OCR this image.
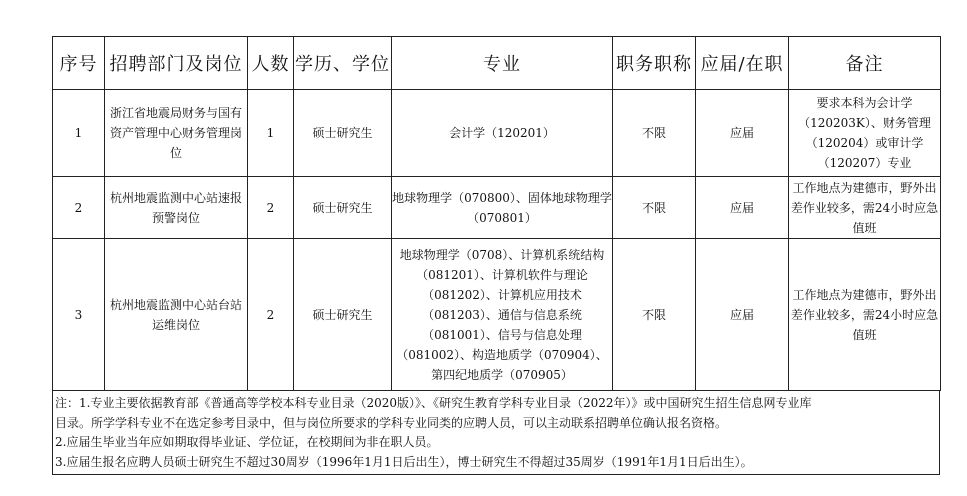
序号	招聘部门及岗位	人数	学历、学位	专业	职务职称	应届/在职	备注
1	浙江省地震局财务与国有资产管理中心财务管理岗位	1	硕士研究生	会计学（120201）	不限	应届	要求本科为会计学（120203K）、财务管理（120204）或审计学（120207）专业
2	杭州地震监测中心站速报预警岗位	2	硕士研究生	地球物理学（070800）、固体地球物理学（070801）	不限	应届	工作地点为建德市，野外出差作业较多，需24小时应急值班
3	杭州地震监测中心站台站运维岗位	2	硕士研究生	地球物理学（0708）、计算机系统结构（081201）、计算机软件与理论（081202）、计算机应用技术（081203）、通信与信息系统（081001）、信号与信息处理（081002）、构造地质学（070904）、第四纪地质学（070905）	不限	应届	工作地点为建德市，野外出差作业较多，需24小时应急值班
注：1.专业主要依据教育部《普通高等学校本科专业目录（2020版）》、《研究生教育学科专业目录（2022年）》或中国研究生招生信息网专业库
目录。所学学科专业不在选定参考目录中，但与岗位所要求的学科专业同类的应聘人员，可以主动联系招聘单位确认报名资格。
2.应届生毕业当年应如期取得毕业证、学位证，在校期间为非在职人员。
3.应届生报名应聘人员硕士研究生不超过30周岁（1996年1月1日后出生），博士研究生不得超过35周岁（1991年1月1日后出生）。
